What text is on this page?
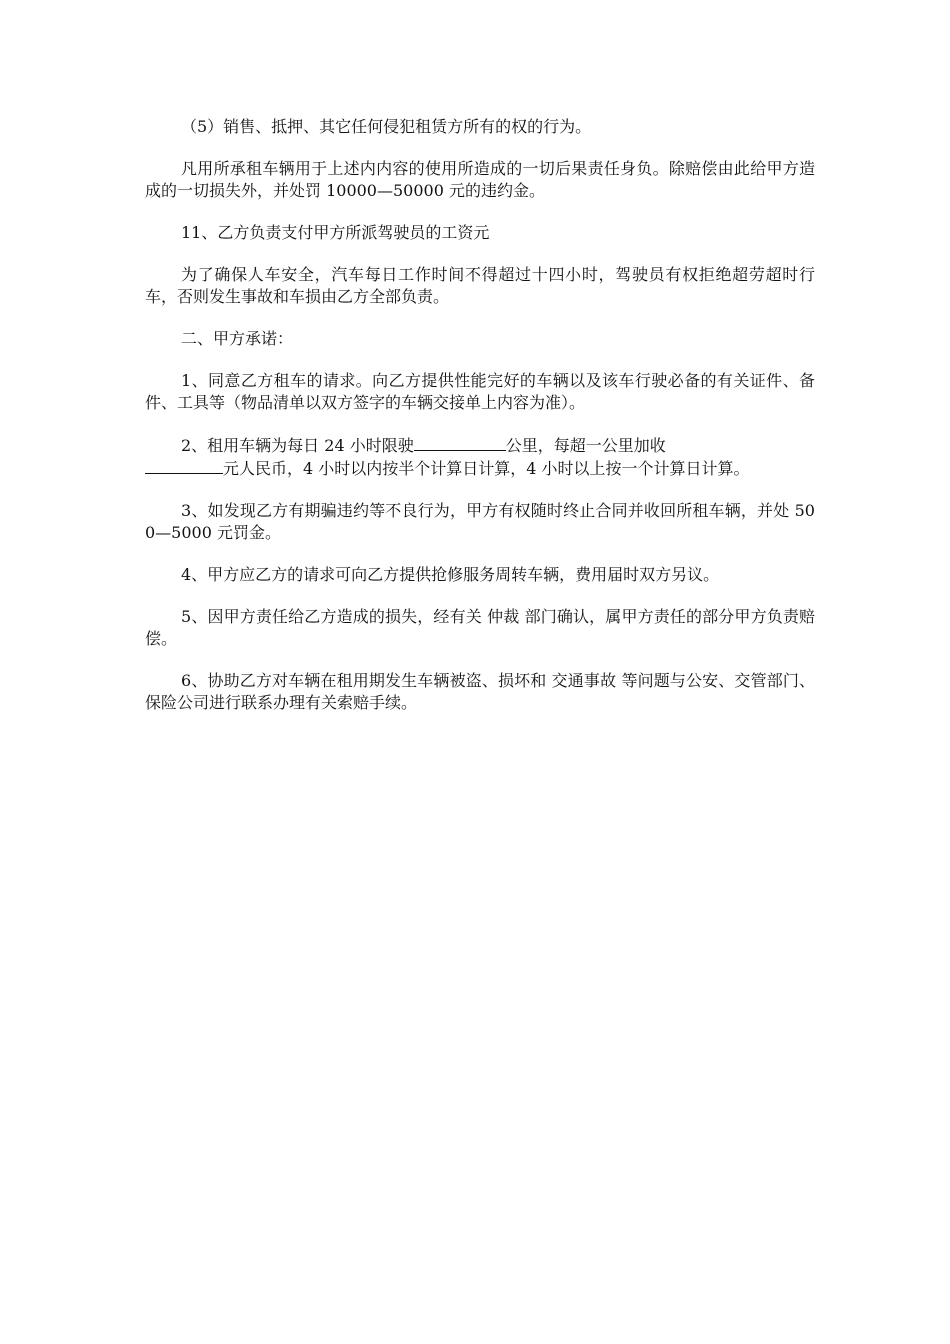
（5）销售、抵押、其它任何侵犯租赁方所有的权的行为。

凡用所承租车辆用于上述内内容的使用所造成的一切后果责任身负。除赔偿由此给甲方造成的一切损失外，并处罚 10000—50000 元的违约金。

11、乙方负责支付甲方所派驾驶员的工资元

为了确保人车安全，汽车每日工作时间不得超过十四小时，驾驶员有权拒绝超劳超时行车，否则发生事故和车损由乙方全部负责。

二、甲方承诺：

1、同意乙方租车的请求。向乙方提供性能完好的车辆以及该车行驶必备的有关证件、备件、工具等（物品清单以双方签字的车辆交接单上内容为准）。

2、租用车辆为每日 24 小时限驶	公里，每超一公里加收
元人民币，4 小时以内按半个计算日计算，4 小时以上按一个计算日计算。

3、如发现乙方有期骗违约等不良行为，甲方有权随时终止合同并收回所租车辆，并处 500—5000 元罚金。

4、甲方应乙方的请求可向乙方提供抢修服务周转车辆，费用届时双方另议。

5、因甲方责任给乙方造成的损失，经有关 仲裁 部门确认，属甲方责任的部分甲方负责赔偿。

6、协助乙方对车辆在租用期发生车辆被盗、损坏和 交通事故 等问题与公安、交管部门、保险公司进行联系办理有关索赔手续。
